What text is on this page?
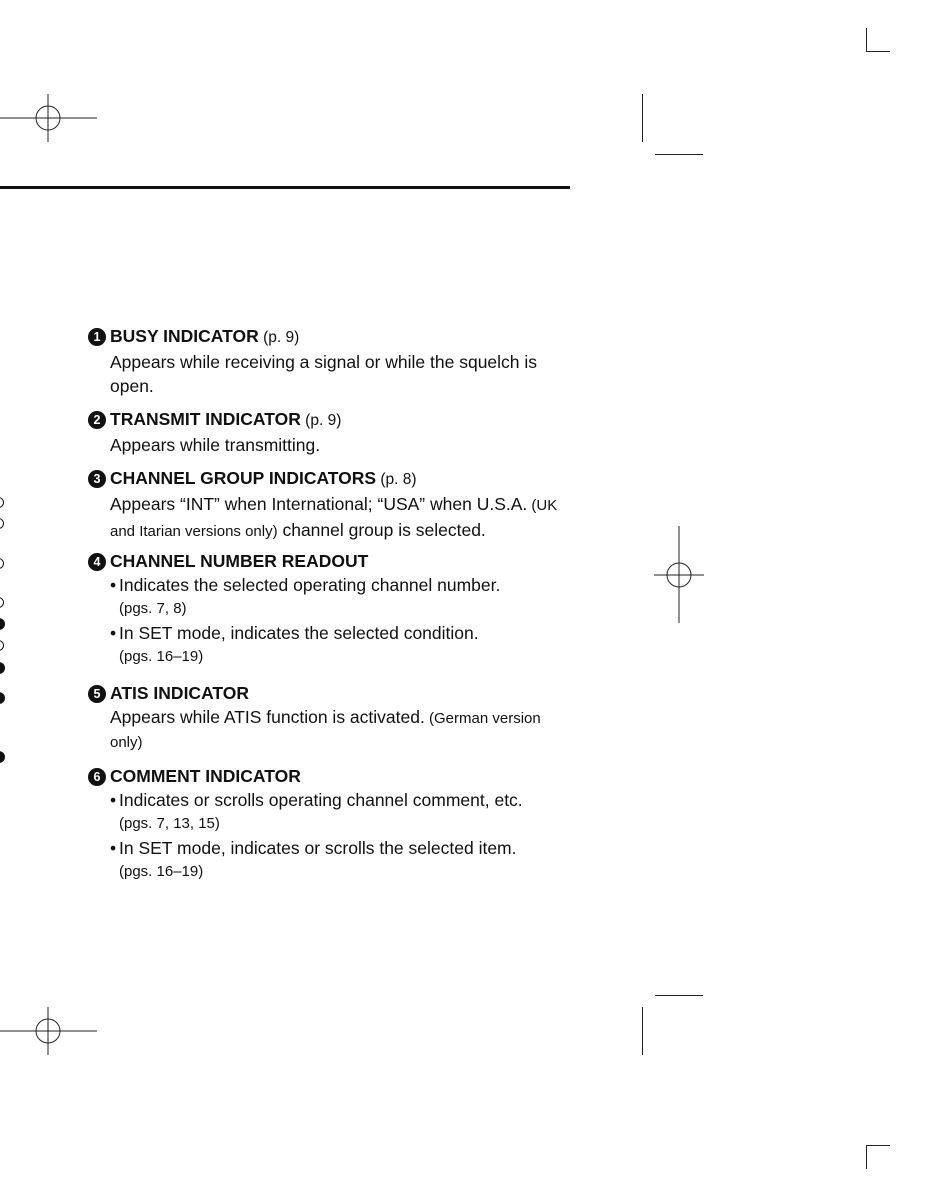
1 BUSY INDICATOR (p. 9)
Appears while receiving a signal or while the squelch is
open.
2 TRANSMIT INDICATOR (p. 9)
Appears while transmitting.
3 CHANNEL GROUP INDICATORS (p. 8)
Appears “INT” when International; “USA” when U.S.A. (UK
and Itarian versions only) channel group is selected.
4 CHANNEL NUMBER READOUT
• Indicates the selected operating channel number.
(pgs. 7, 8)
• In SET mode, indicates the selected condition.
(pgs. 16–19)
5 ATIS INDICATOR
Appears while ATIS function is activated. (German version
only)
6 COMMENT INDICATOR
• Indicates or scrolls operating channel comment, etc.
(pgs. 7, 13, 15)
• In SET mode, indicates or scrolls the selected item.
(pgs. 16–19)
